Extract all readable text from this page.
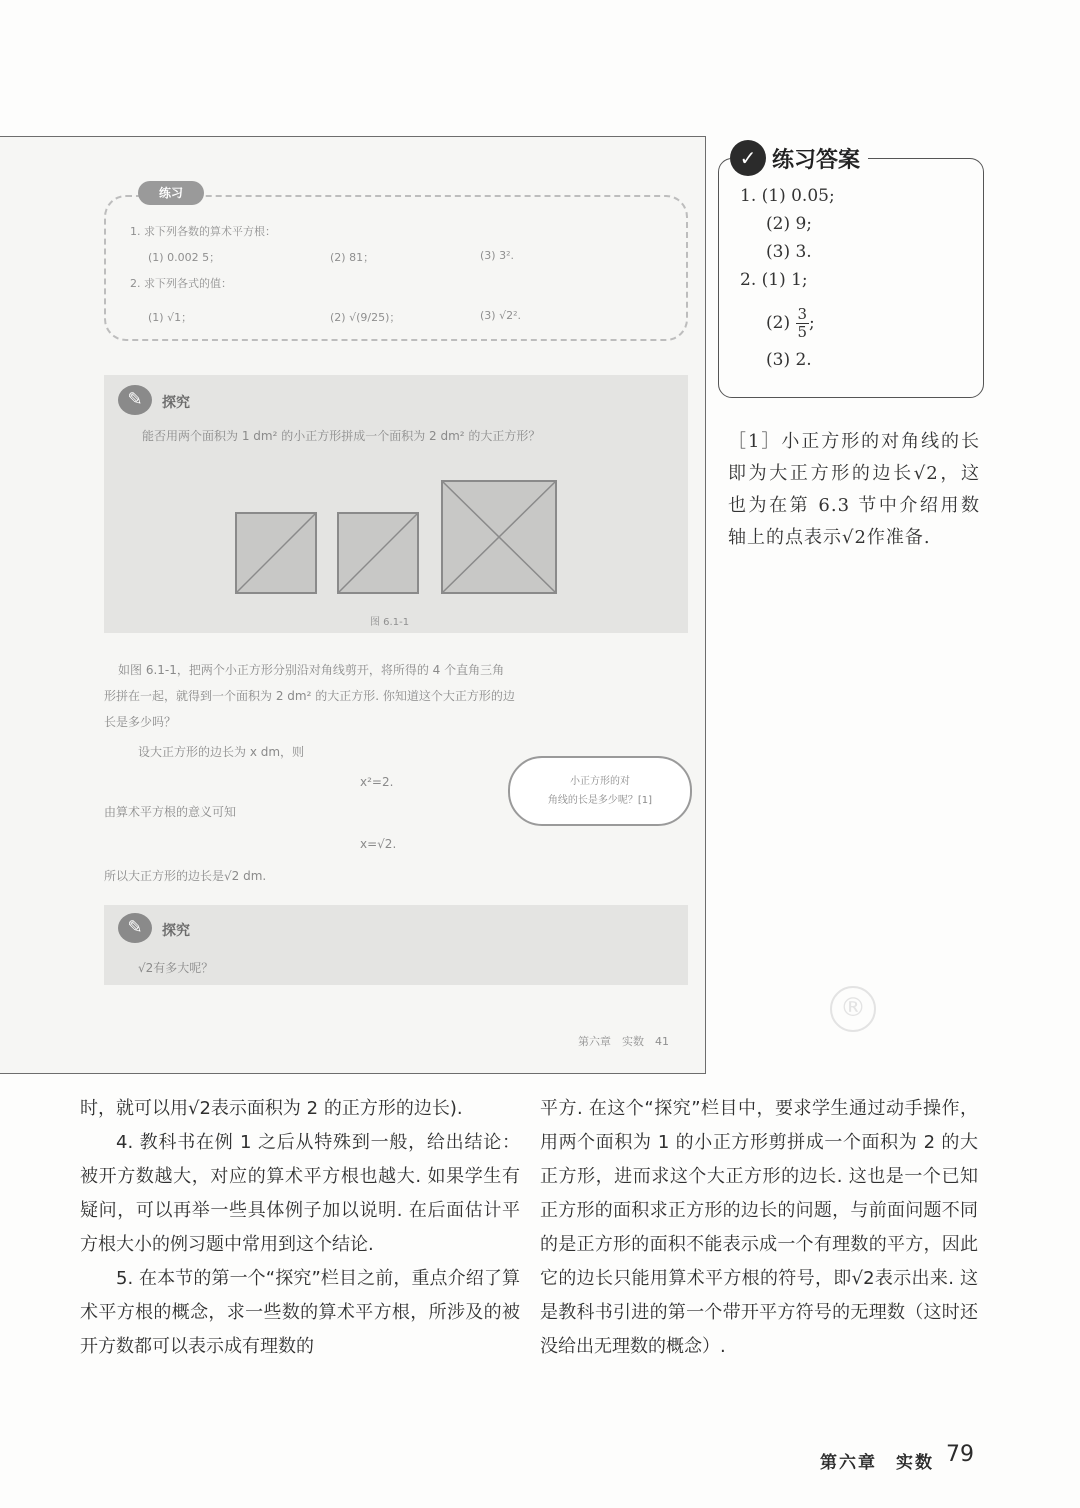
练习
1. 求下列各数的算术平方根：
(1) 0.002 5；	(2) 81；	(3) 3².
2. 求下列各式的值：
(1) √1；	(2) √(9/25)；	(3) √2².
✎	探究
能否用两个面积为 1 dm² 的小正方形拼成一个面积为 2 dm² 的大正方形？
图 6.1-1
如图 6.1-1，把两个小正方形分别沿对角线剪开，将所得的 4 个直角三角
形拼在一起，就得到一个面积为 2 dm² 的大正方形. 你知道这个大正方形的边
长是多少吗？
设大正方形的边长为 x dm，则
x²=2.
由算术平方根的意义可知
x=√2.
所以大正方形的边长是√2 dm.
✎	探究
√2有多大呢？
第六章　实数　41
小正方形的对
角线的长是多少呢？[1]
✓ 练习答案
1. (1) 0.05;
(2) 9;
(3) 3.
2. (1) 1;
$(2) \frac{3}{5}$;
(3) 2.
［1］小正方形的对角线的长即为大正方形的边长√2，这也为在第 6.3 节中介绍用数轴上的点表示√2作准备.
®

时，就可以用√2表示面积为 2 的正方形的边长).

4. 教科书在例 1 之后从特殊到一般，给出结论：被开方数越大，对应的算术平方根也越大. 如果学生有疑问，可以再举一些具体例子加以说明. 在后面估计平方根大小的例习题中常用到这个结论.

5. 在本节的第一个“探究”栏目之前，重点介绍了算术平方根的概念，求一些数的算术平方根，所涉及的被开方数都可以表示成有理数的

平方. 在这个“探究”栏目中，要求学生通过动手操作，用两个面积为 1 的小正方形剪拼成一个面积为 2 的大正方形，进而求这个大正方形的边长. 这也是一个已知正方形的面积求正方形的边长的问题，与前面问题不同的是正方形的面积不能表示成一个有理数的平方，因此它的边长只能用算术平方根的符号，即√2表示出来. 这是教科书引进的第一个带开平方符号的无理数（这时还没给出无理数的概念）.

第六章　实数 79
